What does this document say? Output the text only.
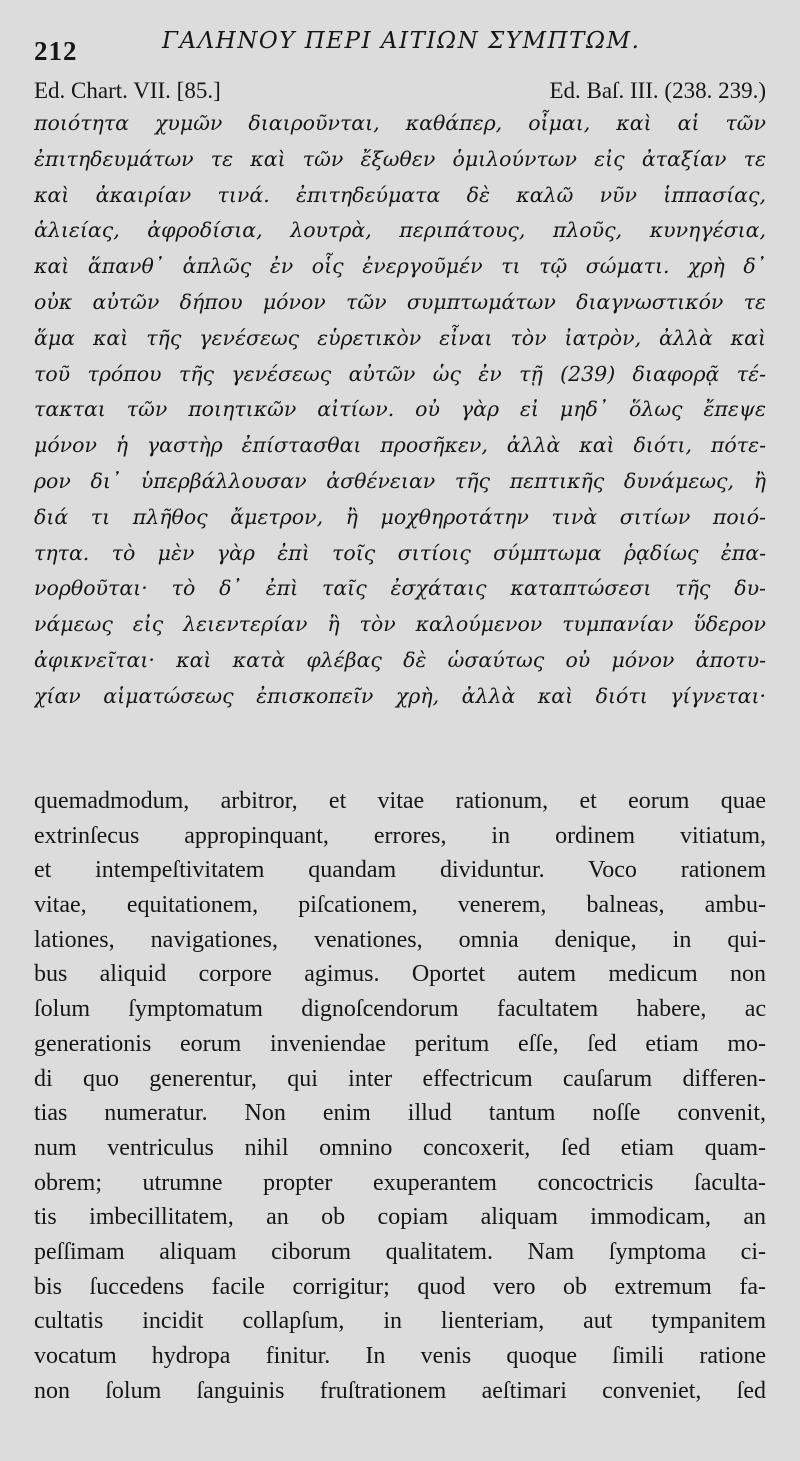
212	ΓΑΛΗΝΟΥ ΠΕΡΙ ΑΙΤΙΩΝ ΣΥΜΠΤΩΜ.
Ed. Chart. VII. [85.]	Ed. Baſ. III. (238. 239.)
ποιότητα χυμῶν διαιροῦνται, καθάπερ, οἶμαι, καὶ αἱ τῶν
ἐπιτηδευμάτων τε καὶ τῶν ἔξωθεν ὁμιλούντων εἰς ἀταξίαν τε
καὶ ἀκαιρίαν τινά. ἐπιτηδεύματα δὲ καλῶ νῦν ἱππασίας,
ἁλιείας, ἀφροδίσια, λουτρὰ, περιπάτους, πλοῦς, κυνηγέσια,
καὶ ἅπανθ᾽ ἁπλῶς ἐν οἷς ἐνεργοῦμέν τι τῷ σώματι. χρὴ δ᾽
οὐκ αὐτῶν δήπου μόνον τῶν συμπτωμάτων διαγνωστικόν τε
ἅμα καὶ τῆς γενέσεως εὑρετικὸν εἶναι τὸν ἰατρὸν, ἀλλὰ καὶ
τοῦ τρόπου τῆς γενέσεως αὐτῶν ὡς ἐν τῇ (239) διαφορᾷ τέ-
τακται τῶν ποιητικῶν αἰτίων. οὐ γὰρ εἰ μηδ᾽ ὅλως ἔπεψε
μόνον ἡ γαστὴρ ἐπίστασθαι προσῆκεν, ἀλλὰ καὶ διότι, πότε-
ρον δι᾽ ὑπερβάλλουσαν ἀσθένειαν τῆς πεπτικῆς δυνάμεως, ἢ
διά τι πλῆθος ἄμετρον, ἢ μοχθηροτάτην τινὰ σιτίων ποιό-
τητα. τὸ μὲν γὰρ ἐπὶ τοῖς σιτίοις σύμπτωμα ῥᾳδίως ἐπα-
νορθοῦται· τὸ δ᾽ ἐπὶ ταῖς ἐσχάταις καταπτώσεσι τῆς δυ-
νάμεως εἰς λειεντερίαν ἢ τὸν καλούμενον τυμπανίαν ὕδερον
ἀφικνεῖται· καὶ κατὰ φλέβας δὲ ὡσαύτως οὐ μόνον ἀποτυ-
χίαν αἱματώσεως ἐπισκοπεῖν χρὴ, ἀλλὰ καὶ διότι γίγνεται·
quemadmodum, arbitror, et vitae rationum, et eorum quae
extrinſecus appropinquant, errores, in ordinem vitiatum,
et intempeſtivitatem quandam dividuntur. Voco rationem
vitae, equitationem, piſcationem, venerem, balneas, ambu-
lationes, navigationes, venationes, omnia denique, in qui-
bus aliquid corpore agimus. Oportet autem medicum non
ſolum ſymptomatum dignoſcendorum facultatem habere, ac
generationis eorum inveniendae peritum eſſe, ſed etiam mo-
di quo generentur, qui inter effectricum cauſarum differen-
tias numeratur. Non enim illud tantum noſſe convenit,
num ventriculus nihil omnino concoxerit, ſed etiam quam-
obrem; utrumne propter exuperantem concoctricis ſaculta-
tis imbecillitatem, an ob copiam aliquam immodicam, an
peſſimam aliquam ciborum qualitatem. Nam ſymptoma ci-
bis ſuccedens facile corrigitur; quod vero ob extremum fa-
cultatis incidit collapſum, in lienteriam, aut tympanitem
vocatum hydropa finitur. In venis quoque ſimili ratione
non ſolum ſanguinis fruſtrationem aeſtimari conveniet, ſed
